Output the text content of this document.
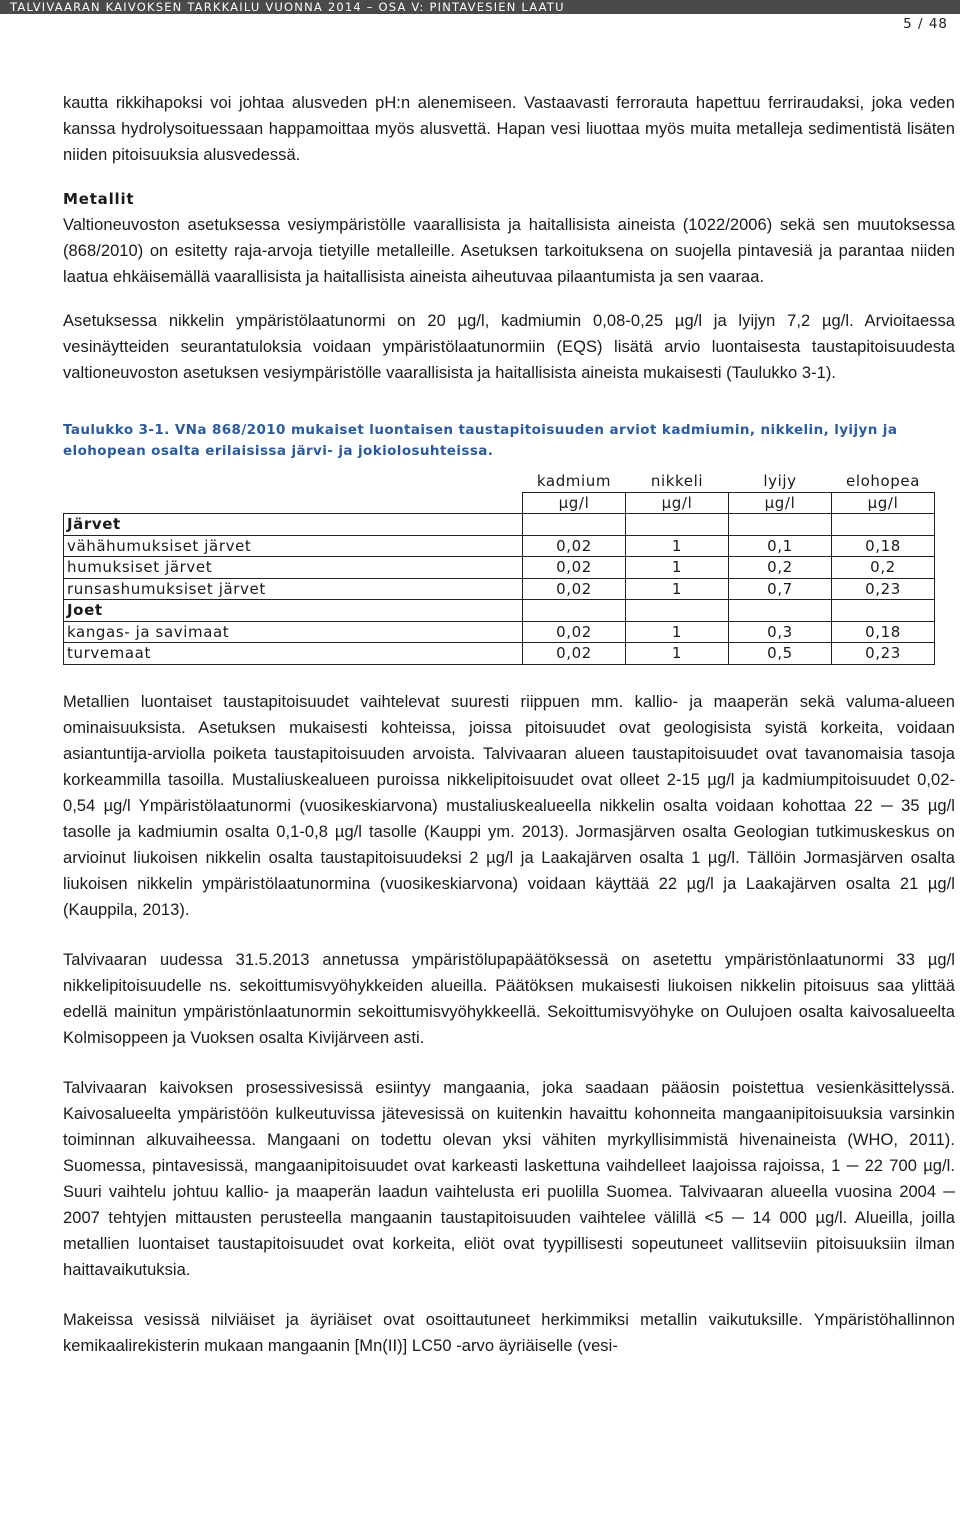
TALVIVAARAN KAIVOKSEN TARKKAILU VUONNA 2014 – OSA V: PINTAVESIEN LAATU
5 / 48

kautta rikkihapoksi voi johtaa alusveden pH:n alenemiseen. Vastaavasti ferrorauta hapettuu ferriraudaksi, joka veden kanssa hydrolysoituessaan happamoittaa myös alusvettä. Hapan vesi liuottaa myös muita metalleja sedimentistä lisäten niiden pitoisuuksia alusvedessä.

Metallit

Valtioneuvoston asetuksessa vesiympäristölle vaarallisista ja haitallisista aineista (1022/2006) sekä sen muutoksessa (868/2010) on esitetty raja-arvoja tietyille metalleille. Asetuksen tarkoituksena on suojella pintavesiä ja parantaa niiden laatua ehkäisemällä vaarallisista ja haitallisista aineista aiheutuvaa pilaantumista ja sen vaaraa.

Asetuksessa nikkelin ympäristölaatunormi on 20 µg/l, kadmiumin 0,08-0,25 µg/l ja lyijyn 7,2 µg/l. Arvioitaessa vesinäytteiden seurantatuloksia voidaan ympäristölaatunormiin (EQS) lisätä arvio luontaisesta taustapitoisuudesta valtioneuvoston asetuksen vesiympäristölle vaarallisista ja haitallisista aineista mukaisesti (Taulukko 3-1).

Taulukko 3-1. VNa 868/2010 mukaiset luontaisen taustapitoisuuden arviot kadmiumin, nikkelin, lyijyn ja elohopean osalta erilaisissa järvi- ja jokiolosuhteissa.

	kadmium	nikkeli	lyijy	elohopea
	µg/l	µg/l	µg/l	µg/l
Järvet				
vähähumuksiset järvet	0,02	1	0,1	0,18
humuksiset järvet	0,02	1	0,2	0,2
runsashumuksiset järvet	0,02	1	0,7	0,23
Joet				
kangas- ja savimaat	0,02	1	0,3	0,18
turvemaat	0,02	1	0,5	0,23

Metallien luontaiset taustapitoisuudet vaihtelevat suuresti riippuen mm. kallio- ja maaperän sekä valuma-alueen ominaisuuksista. Asetuksen mukaisesti kohteissa, joissa pitoisuudet ovat geologisista syistä korkeita, voidaan asiantuntija-arviolla poiketa taustapitoisuuden arvoista. Talvivaaran alueen taustapitoisuudet ovat tavanomaisia tasoja korkeammilla tasoilla. Mustaliuskealueen puroissa nikkelipitoisuudet ovat olleet 2-15 µg/l ja kadmiumpitoisuudet 0,02-0,54 µg/l Ympäristölaatunormi (vuosikeskiarvona) mustaliuskealueella nikkelin osalta voidaan kohottaa 22 ─ 35 µg/l tasolle ja kadmiumin osalta 0,1-0,8 µg/l tasolle (Kauppi ym. 2013). Jormasjärven osalta Geologian tutkimuskeskus on arvioinut liukoisen nikkelin osalta taustapitoisuudeksi 2 µg/l ja Laakajärven osalta 1 µg/l. Tällöin Jormasjärven osalta liukoisen nikkelin ympäristölaatunormina (vuosikeskiarvona) voidaan käyttää 22 µg/l ja Laakajärven osalta 21 µg/l (Kauppila, 2013).

Talvivaaran uudessa 31.5.2013 annetussa ympäristölupapäätöksessä on asetettu ympäristönlaatunormi 33 µg/l nikkelipitoisuudelle ns. sekoittumisvyöhykkeiden alueilla. Päätöksen mukaisesti liukoisen nikkelin pitoisuus saa ylittää edellä mainitun ympäristönlaatunormin sekoittumisvyöhykkeellä. Sekoittumisvyöhyke on Oulujoen osalta kaivosalueelta Kolmisoppeen ja Vuoksen osalta Kivijärveen asti.

Talvivaaran kaivoksen prosessivesissä esiintyy mangaania, joka saadaan pääosin poistettua vesienkäsittelyssä. Kaivosalueelta ympäristöön kulkeutuvissa jätevesissä on kuitenkin havaittu kohonneita mangaanipitoisuuksia varsinkin toiminnan alkuvaiheessa. Mangaani on todettu olevan yksi vähiten myrkyllisimmistä hivenaineista (WHO, 2011). Suomessa, pintavesissä, mangaanipitoisuudet ovat karkeasti laskettuna vaihdelleet laajoissa rajoissa, 1 ─ 22 700 µg/l. Suuri vaihtelu johtuu kallio- ja maaperän laadun vaihtelusta eri puolilla Suomea. Talvivaaran alueella vuosina 2004 ─ 2007 tehtyjen mittausten perusteella mangaanin taustapitoisuuden vaihtelee välillä <5 ─ 14 000 µg/l. Alueilla, joilla metallien luontaiset taustapitoisuudet ovat korkeita, eliöt ovat tyypillisesti sopeutuneet vallitseviin pitoisuuksiin ilman haittavaikutuksia.

Makeissa vesissä nilviäiset ja äyriäiset ovat osoittautuneet herkimmiksi metallin vaikutuksille. Ympäristöhallinnon kemikaalirekisterin mukaan mangaanin [Mn(II)] LC50 -arvo äyriäiselle (vesi-
